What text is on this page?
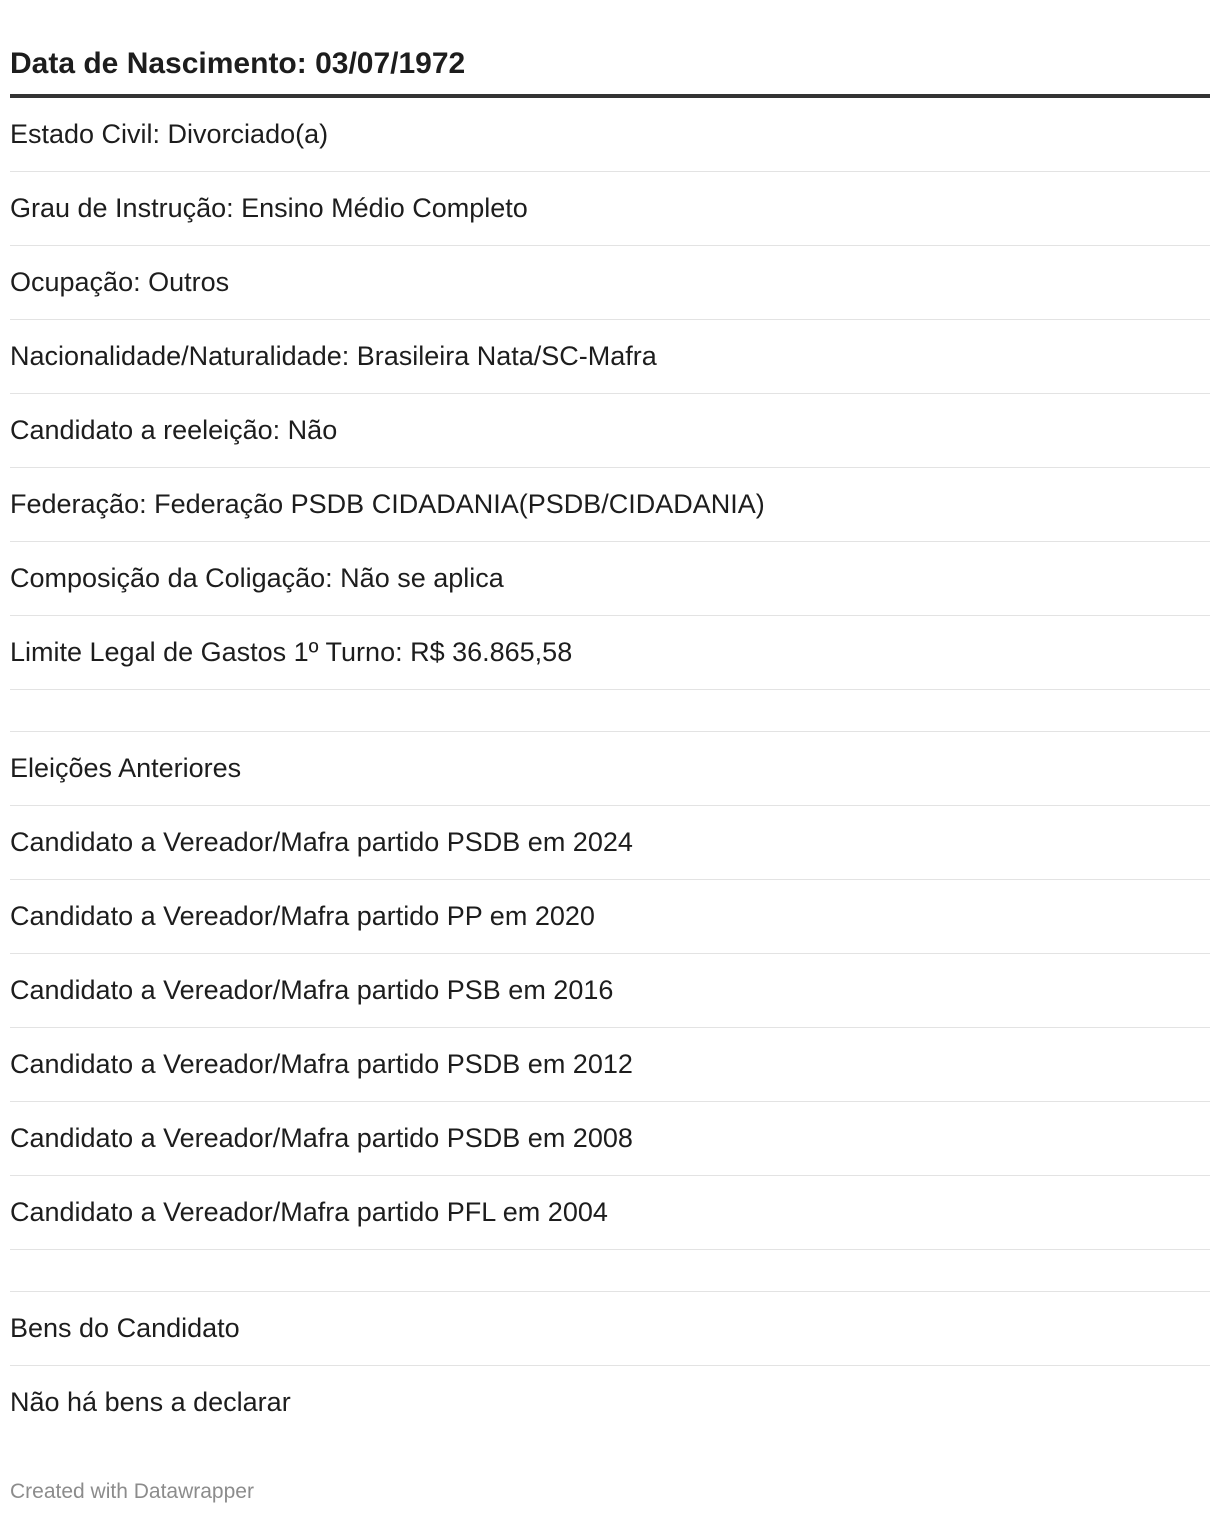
Data de Nascimento: 03/07/1972
Estado Civil: Divorciado(a)
Grau de Instrução: Ensino Médio Completo
Ocupação: Outros
Nacionalidade/Naturalidade: Brasileira Nata/SC-Mafra
Candidato a reeleição: Não
Federação: Federação PSDB CIDADANIA(PSDB/CIDADANIA)
Composição da Coligação: Não se aplica
Limite Legal de Gastos 1º Turno: R$ 36.865,58
Eleições Anteriores
Candidato a Vereador/Mafra partido PSDB em 2024
Candidato a Vereador/Mafra partido PP em 2020
Candidato a Vereador/Mafra partido PSB em 2016
Candidato a Vereador/Mafra partido PSDB em 2012
Candidato a Vereador/Mafra partido PSDB em 2008
Candidato a Vereador/Mafra partido PFL em 2004
Bens do Candidato
Não há bens a declarar
Created with Datawrapper
